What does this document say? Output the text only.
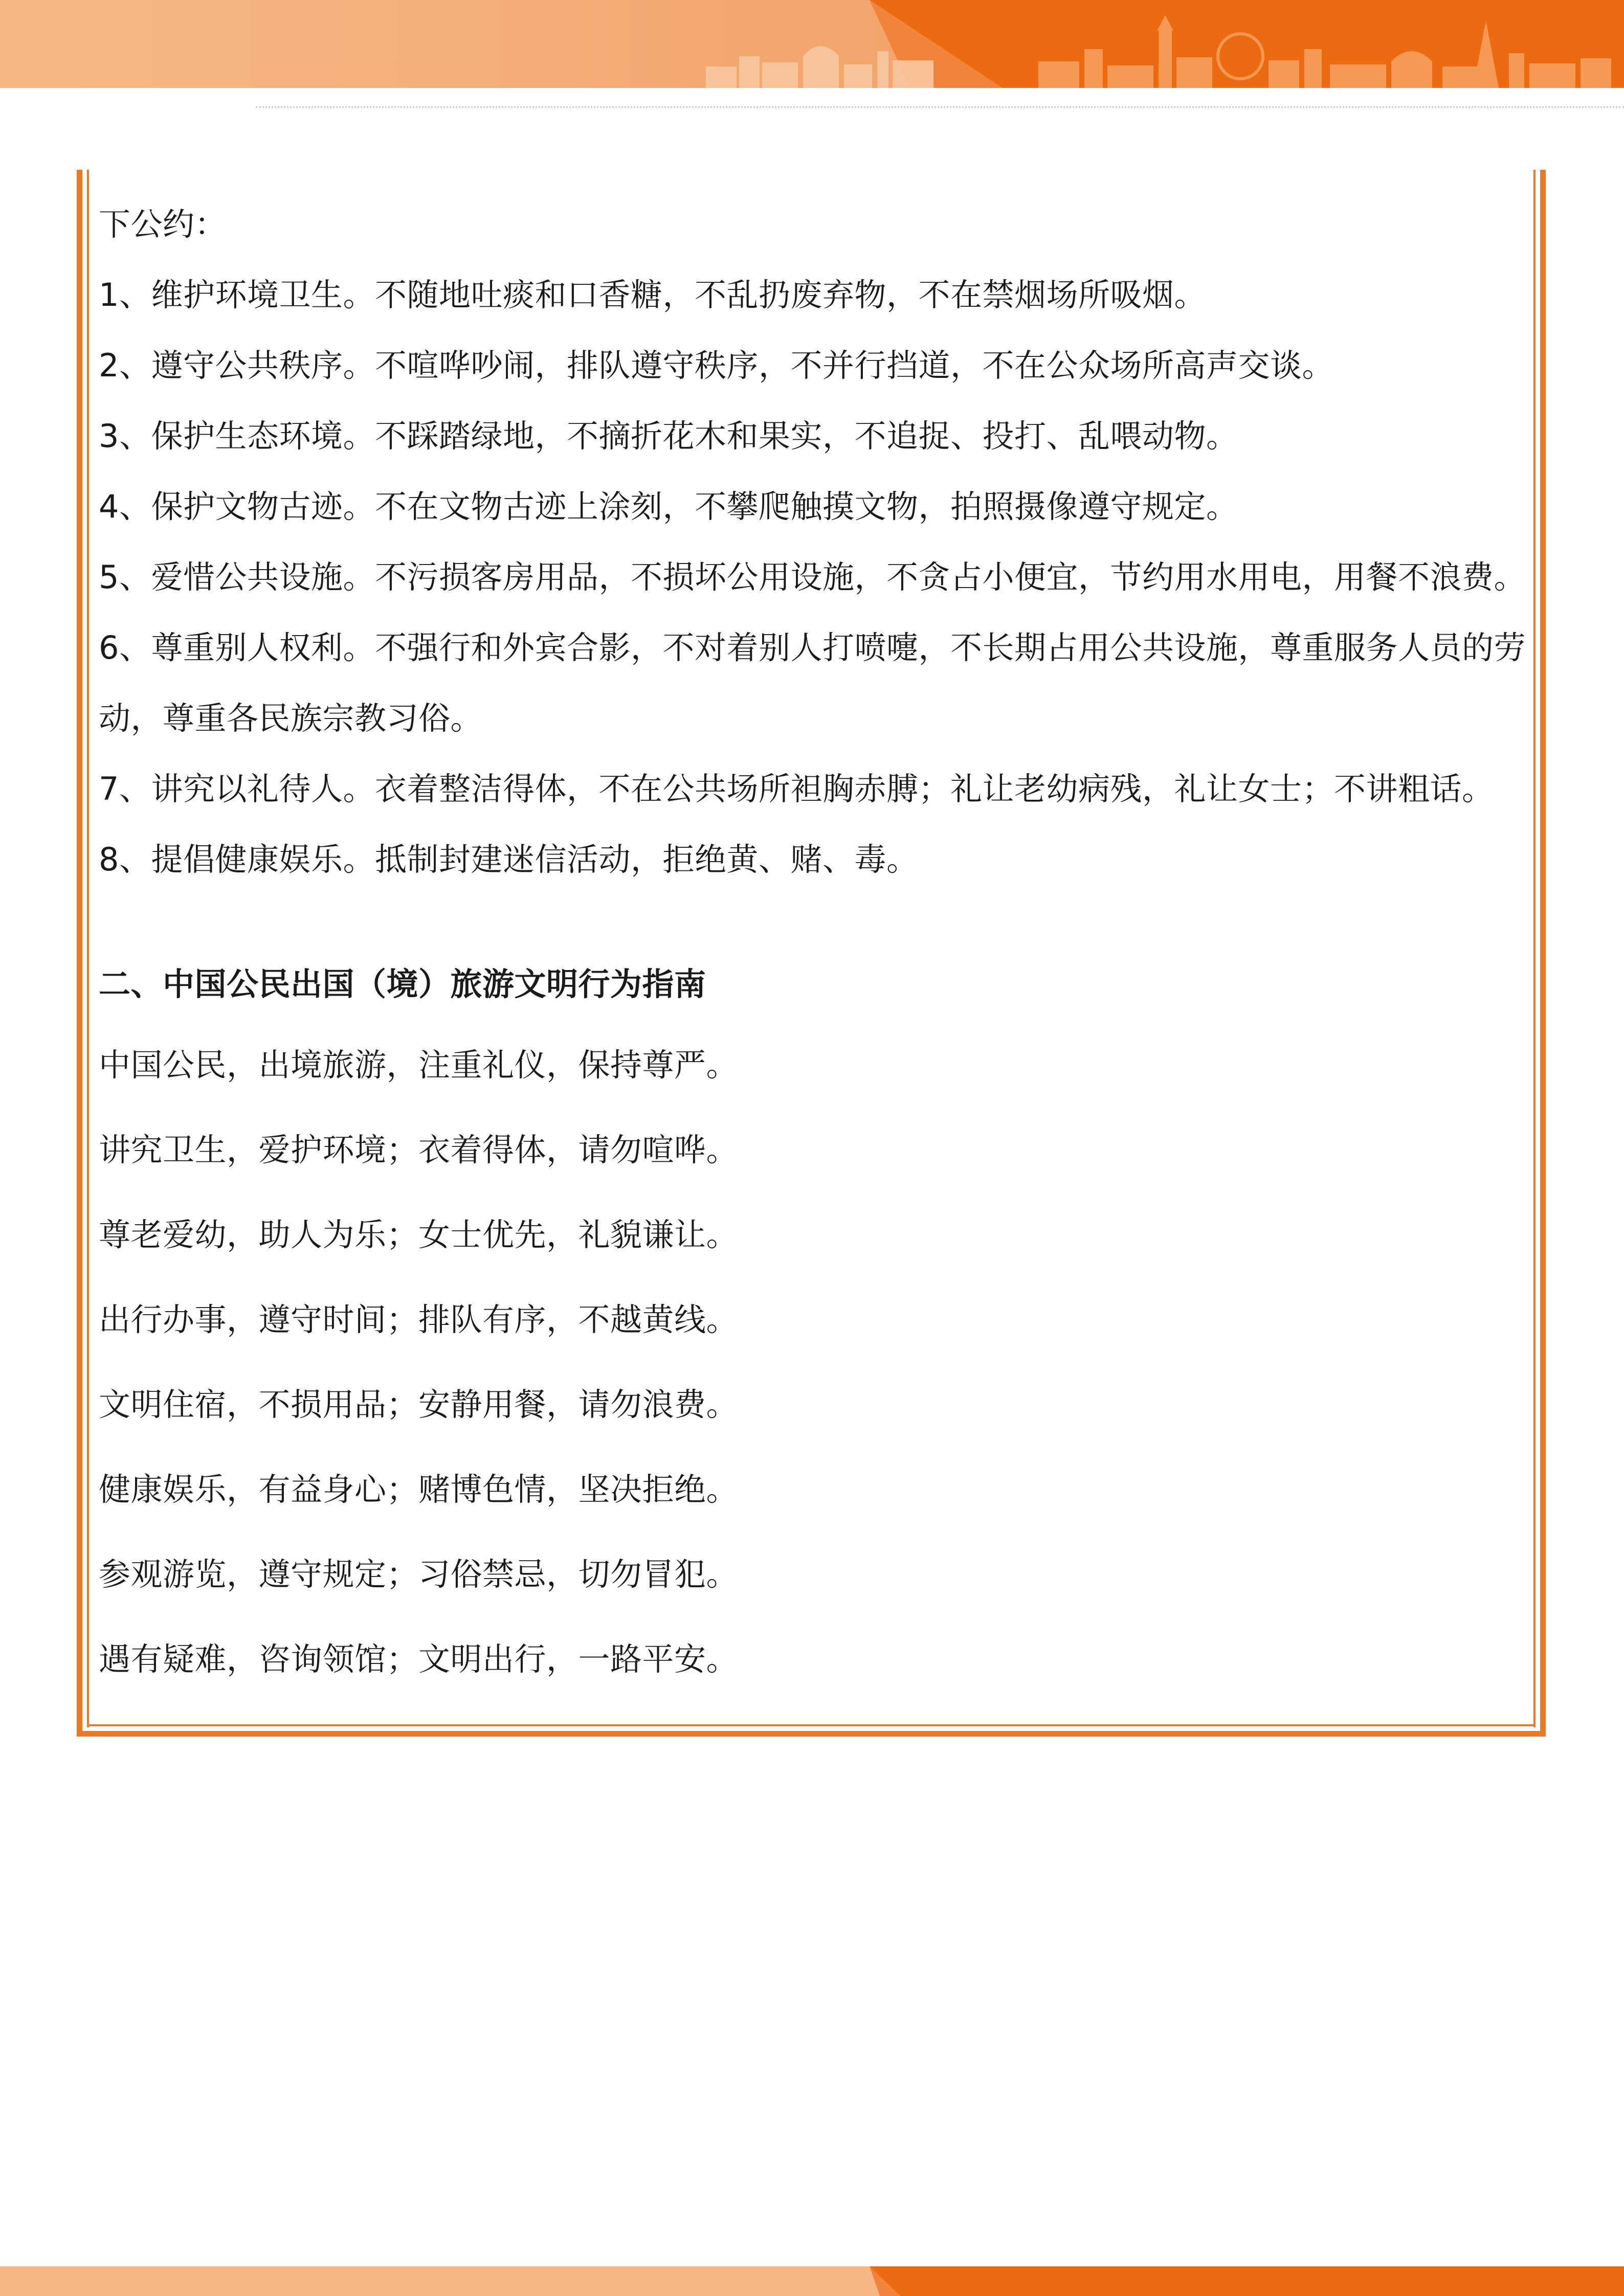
下公约：

1、维护环境卫生。不随地吐痰和口香糖，不乱扔废弃物，不在禁烟场所吸烟。

2、遵守公共秩序。不喧哗吵闹，排队遵守秩序，不并行挡道，不在公众场所高声交谈。

3、保护生态环境。不踩踏绿地，不摘折花木和果实，不追捉、投打、乱喂动物。

4、保护文物古迹。不在文物古迹上涂刻，不攀爬触摸文物，拍照摄像遵守规定。

5、爱惜公共设施。不污损客房用品，不损坏公用设施，不贪占小便宜，节约用水用电，用餐不浪费。

6、尊重别人权利。不强行和外宾合影，不对着别人打喷嚏，不长期占用公共设施，尊重服务人员的劳动，尊重各民族宗教习俗。

7、讲究以礼待人。衣着整洁得体，不在公共场所袒胸赤膊；礼让老幼病残，礼让女士；不讲粗话。

8、提倡健康娱乐。抵制封建迷信活动，拒绝黄、赌、毒。

二、中国公民出国（境）旅游文明行为指南

中国公民，出境旅游，注重礼仪，保持尊严。

讲究卫生，爱护环境；衣着得体，请勿喧哗。

尊老爱幼，助人为乐；女士优先，礼貌谦让。

出行办事，遵守时间；排队有序，不越黄线。

文明住宿，不损用品；安静用餐，请勿浪费。

健康娱乐，有益身心；赌博色情，坚决拒绝。

参观游览，遵守规定；习俗禁忌，切勿冒犯。

遇有疑难，咨询领馆；文明出行，一路平安。
